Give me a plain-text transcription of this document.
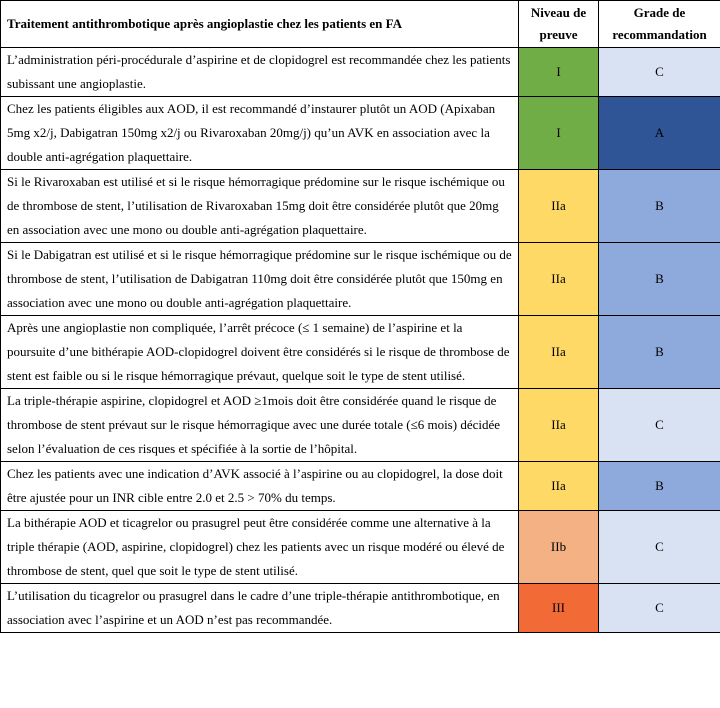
Traitement antithrombotique après angioplastie chez les patients en FA	Niveau de preuve	Grade de recommandation
L’administration péri-procédurale d’aspirine et de clopidogrel est recommandée chez les patients subissant une angioplastie.	I	C
Chez les patients éligibles aux AOD, il est recommandé d’instaurer plutôt un AOD (Apixaban 5mg x2/j, Dabigatran 150mg x2/j ou Rivaroxaban 20mg/j) qu’un AVK en association avec la double anti-agrégation plaquettaire.	I	A
Si le Rivaroxaban est utilisé et si le risque hémorragique prédomine sur le risque ischémique ou de thrombose de stent, l’utilisation de Rivaroxaban 15mg doit être considérée plutôt que 20mg en association avec une mono ou double anti-agrégation plaquettaire.	IIa	B
Si le Dabigatran est utilisé et si le risque hémorragique prédomine sur le risque ischémique ou de thrombose de stent, l’utilisation de Dabigatran 110mg doit être considérée plutôt que 150mg en association avec une mono ou double anti-agrégation plaquettaire.	IIa	B
Après une angioplastie non compliquée, l’arrêt précoce (≤ 1 semaine) de l’aspirine et la poursuite d’une bithérapie AOD-clopidogrel doivent être considérés si le risque de thrombose de stent est faible ou si le risque hémorragique prévaut, quelque soit le type de stent utilisé.	IIa	B
La triple-thérapie aspirine, clopidogrel et AOD ≥1mois doit être considérée quand le risque de thrombose de stent prévaut sur le risque hémorragique avec une durée totale (≤6 mois) décidée selon l’évaluation de ces risques et spécifiée à la sortie de l’hôpital.	IIa	C
Chez les patients avec une indication d’AVK associé à l’aspirine ou au clopidogrel, la dose doit être ajustée pour un INR cible entre 2.0 et 2.5 > 70% du temps.	IIa	B
La bithérapie AOD et ticagrelor ou prasugrel peut être considérée comme une alternative à la triple thérapie (AOD, aspirine, clopidogrel) chez les patients avec un risque modéré ou élevé de thrombose de stent, quel que soit le type de stent utilisé.	IIb	C
L’utilisation du ticagrelor ou prasugrel dans le cadre d’une triple-thérapie antithrombotique, en association avec l’aspirine et un AOD n’est pas recommandée.	III	C
